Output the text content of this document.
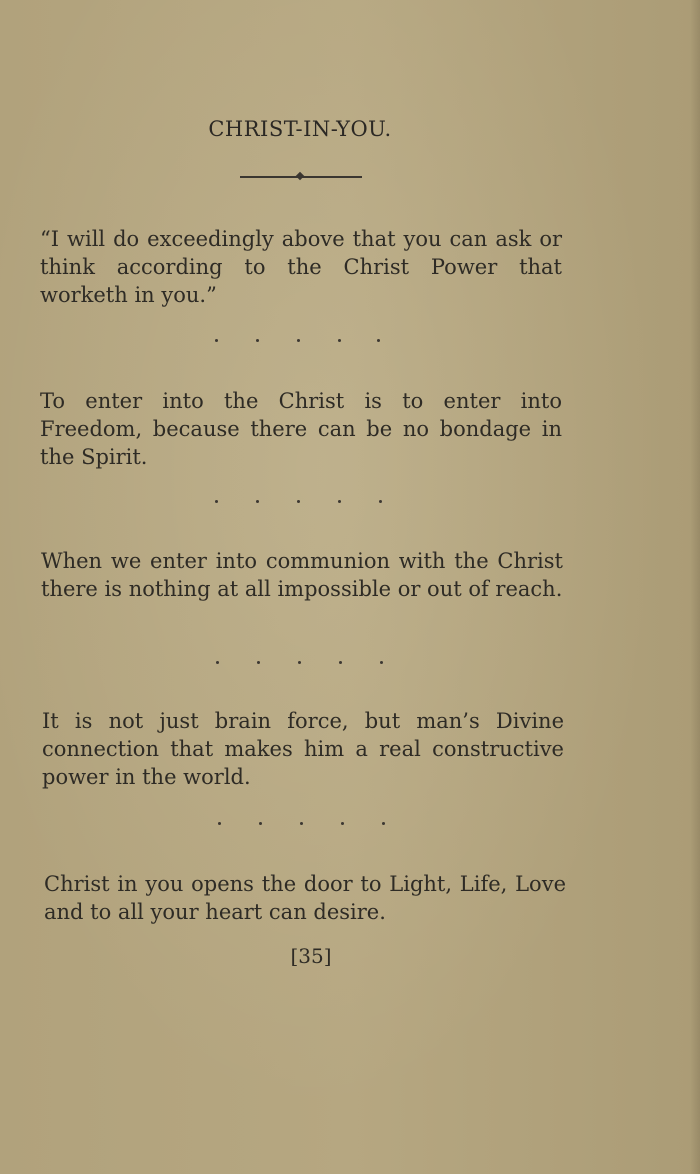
CHRIST-IN-YOU.
“I will do exceedingly above that you can ask or think according to the Christ Power that worketh in you.”
To enter into the Christ is to enter into Freedom, because there can be no bondage in the Spirit.
When we enter into communion with the Christ there is nothing at all impossible or out of reach.
It is not just brain force, but man’s Divine connection that makes him a real constructive power in the world.
Christ in you opens the door to Light, Life, Love and to all your heart can desire.
[35]
